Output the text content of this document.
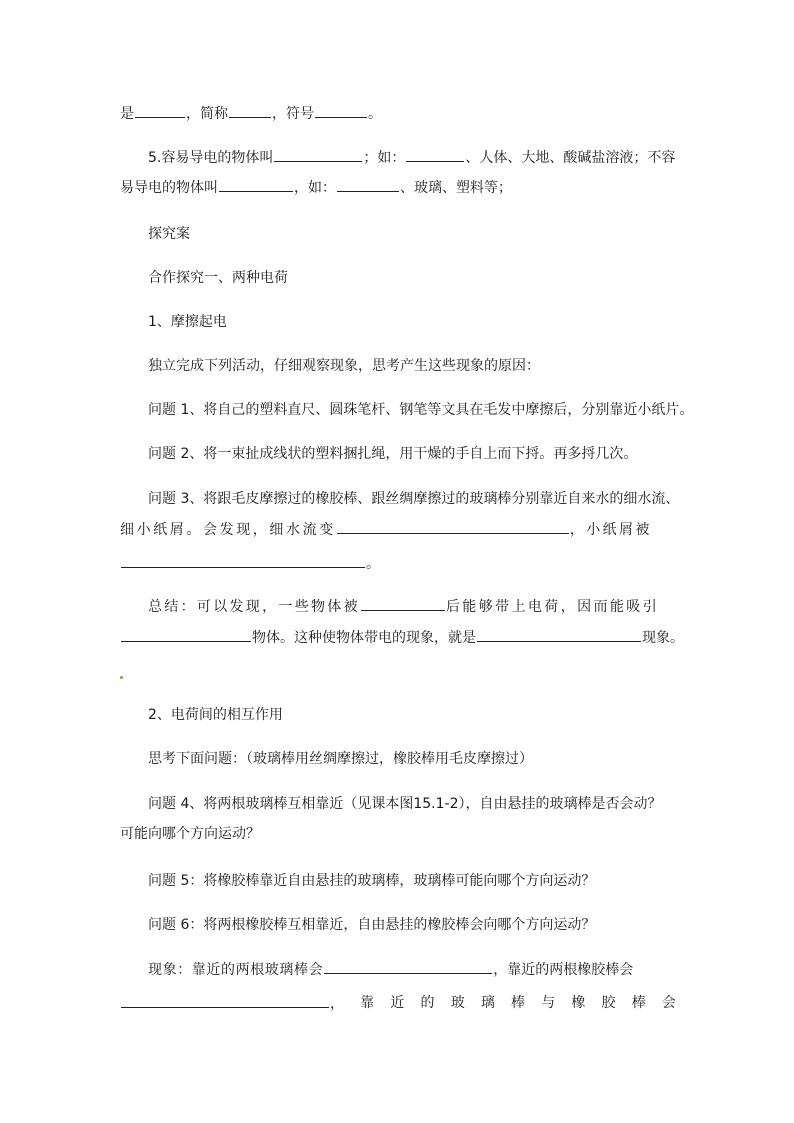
是	，简称	，符号	。
5.容易导电的物体叫	；如：	、人体、大地、酸碱盐溶液；不容
易导电的物体叫	，如：	、玻璃、塑料等；
探究案
合作探究一、两种电荷
1、摩擦起电
独立完成下列活动，仔细观察现象，思考产生这些现象的原因：
问题 1、将自己的塑料直尺、圆珠笔杆、钢笔等文具在毛发中摩擦后，分别靠近小纸片。
问题 2、将一束扯成线状的塑料捆扎绳，用干燥的手自上而下捋。再多捋几次。
问题 3、将跟毛皮摩擦过的橡胶棒、跟丝绸摩擦过的玻璃棒分别靠近自来水的细水流、
细小纸屑。会发现，细水流变	，小纸屑被
。
总结：可以发现，一些物体被	后能够带上电荷，因而能吸引
物体。这种使物体带电的现象，就是	现象。
2、电荷间的相互作用
思考下面问题：（玻璃棒用丝绸摩擦过，橡胶棒用毛皮摩擦过）
问题 4、将两根玻璃棒互相靠近（见课本图15.1-2），自由悬挂的玻璃棒是否会动？
可能向哪个方向运动？
问题 5：将橡胶棒靠近自由悬挂的玻璃棒，玻璃棒可能向哪个方向运动？
问题 6：将两根橡胶棒互相靠近，自由悬挂的橡胶棒会向哪个方向运动？
现象：靠近的两根玻璃棒会	，靠近的两根橡胶棒会
， 靠 近 的 玻 璃 棒 与 橡 胶 棒 会
